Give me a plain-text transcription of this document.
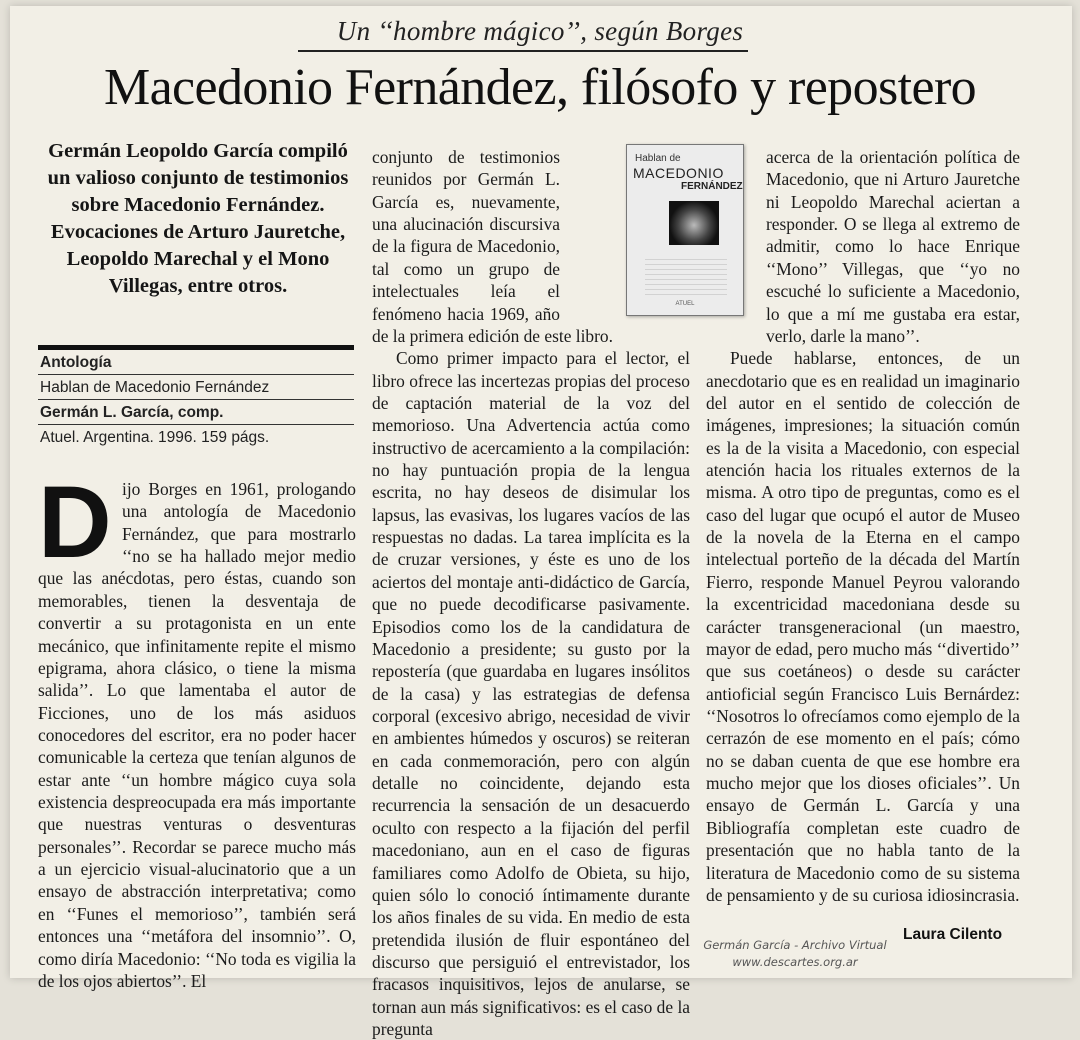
Un ‘‘hombre mágico’’, según Borges
Macedonio Fernández, filósofo y repostero
Germán Leopoldo García compiló un valioso conjunto de testimonios sobre Macedonio Fernández. Evocaciones de Arturo Jauretche, Leopoldo Marechal y el Mono Villegas, entre otros.
Antología
Hablan de Macedonio Fernández
Germán L. García, comp.
Atuel. Argentina. 1996. 159 págs.
D ijo Borges en 1961, prologando una antología de Macedonio Fernández, que para mostrarlo ‘‘no se ha hallado mejor medio que las anécdotas, pero éstas, cuando son memorables, tienen la desventaja de convertir a su protagonista en un ente mecánico, que infinitamente repite el mismo epigrama, ahora clásico, o tiene la misma salida’’. Lo que lamentaba el autor de Ficciones, uno de los más asiduos conocedores del escritor, era no poder hacer comunicable la certeza que tenían algunos de estar ante ‘‘un hombre mágico cuya sola existencia despreocupada era más importante que nuestras venturas o desventuras personales’’. Recordar se parece mucho más a un ejercicio visual-alucinatorio que a un ensayo de abstracción interpretativa; como en ‘‘Funes el memorioso’’, también será entonces una ‘‘metáfora del insomnio’’. O, como diría Macedonio: ‘‘No toda es vigilia la de los ojos abiertos’’. El

conjunto de testimonios reunidos por Germán L. García es, nuevamente, una alucinación discursiva de la figura de Macedonio, tal como un grupo de intelectuales leía el fenómeno hacia 1969, año de la primera edición de este libro.

Como primer impacto para el lector, el libro ofrece las incertezas propias del proceso de captación material de la voz del memorioso. Una Advertencia actúa como instructivo de acercamiento a la compilación: no hay puntuación propia de la lengua escrita, no hay deseos de disimular los lapsus, las evasivas, los lugares vacíos de las respuestas no dadas. La tarea implícita es la de cruzar versiones, y éste es uno de los aciertos del montaje anti-didáctico de García, que no puede decodificarse pasivamente. Episodios como los de la candidatura de Macedonio a presidente; su gusto por la repostería (que guardaba en lugares insólitos de la casa) y las estrategias de defensa corporal (excesivo abrigo, necesidad de vivir en ambientes húmedos y oscuros) se reiteran en cada conmemoración, pero con algún detalle no coincidente, dejando esta recurrencia la sensación de un desacuerdo oculto con respecto a la fijación del perfil macedoniano, aun en el caso de figuras familiares como Adolfo de Obieta, su hijo, quien sólo lo conoció íntimamente durante los años finales de su vida. En medio de esta pretendida ilusión de fluir espontáneo del discurso que persiguió el entrevistador, los fracasos inquisitivos, lejos de anularse, se tornan aun más significativos: es el caso de la pregunta

acerca de la orientación política de Macedonio, que ni Arturo Jauretche ni Leopoldo Marechal aciertan a responder. O se llega al extremo de admitir, como lo hace Enrique ‘‘Mono’’ Villegas, que ‘‘yo no escuché lo suficiente a Macedonio, lo que a mí me gustaba era estar, verlo, darle la mano’’.

Puede hablarse, entonces, de un anecdotario que es en realidad un imaginario del autor en el sentido de colección de imágenes, impresiones; la situación común es la de la visita a Macedonio, con especial atención hacia los rituales externos de la misma. A otro tipo de preguntas, como es el caso del lugar que ocupó el autor de Museo de la novela de la Eterna en el campo intelectual porteño de la década del Martín Fierro, responde Manuel Peyrou valorando la excentricidad macedoniana desde su carácter transgeneracional (un maestro, mayor de edad, pero mucho más ‘‘divertido’’ que sus coetáneos) o desde su carácter antioficial según Francisco Luis Bernárdez: ‘‘Nosotros lo ofrecíamos como ejemplo de la cerrazón de ese momento en el país; cómo no se daban cuenta de que ese hombre era mucho mejor que los dioses oficiales’’. Un ensayo de Germán L. García y una Bibliografía completan este cuadro de presentación que no habla tanto de la literatura de Macedonio como de su sistema de pensamiento y de su curiosa idiosincrasia.

Hablan de
MACEDONIO
FERNÁNDEZ
ATUEL
Germán García - Archivo Virtual
www.descartes.org.ar
Laura Cilento
